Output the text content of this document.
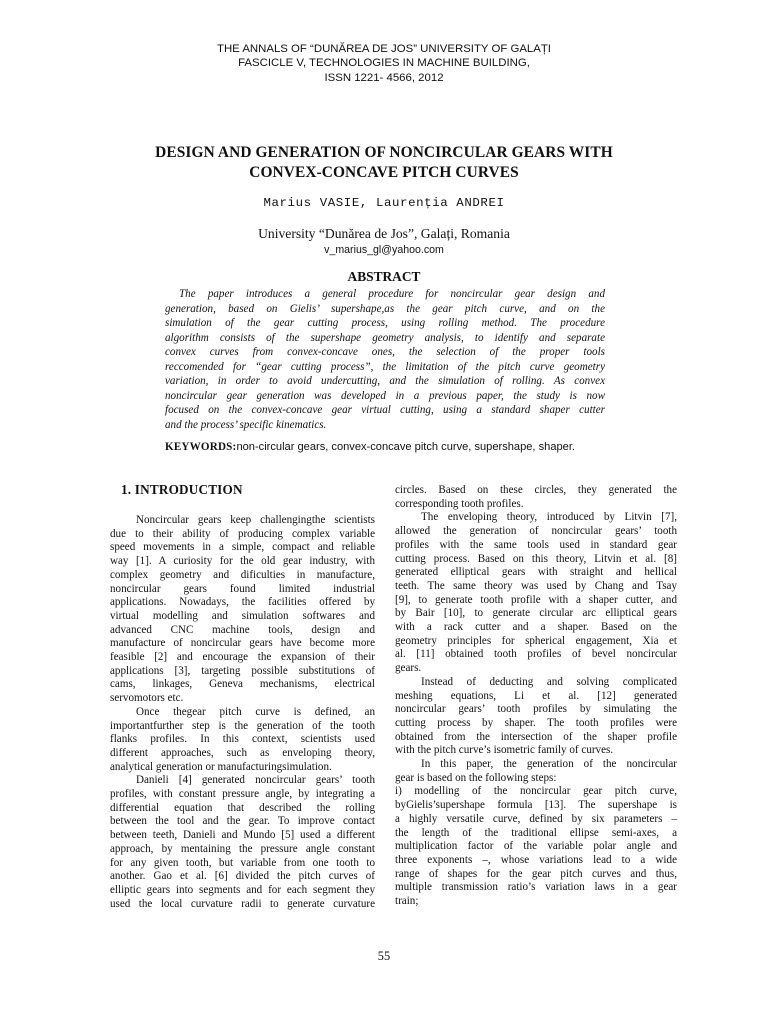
THE ANNALS OF “DUNĂREA DE JOS” UNIVERSITY OF GALAȚI
FASCICLE V, TECHNOLOGIES IN MACHINE BUILDING,
ISSN 1221- 4566, 2012
DESIGN AND GENERATION OF NONCIRCULAR GEARS WITH
CONVEX-CONCAVE PITCH CURVES
Marius VASIE, Laurenția ANDREI
University “Dunărea de Jos”, Galați, Romania
v_marius_gl@yahoo.com
ABSTRACT
The paper introduces a general procedure for noncircular gear design and
generation, based on Gielis’ supershape,as the gear pitch curve, and on the
simulation of the gear cutting process, using rolling method. The procedure
algorithm consists of the supershape geometry analysis, to identify and separate
convex curves from convex-concave ones, the selection of the proper tools
reccomended for “gear cutting process”, the limitation of the pitch curve geometry
variation, in order to avoid undercutting, and the simulation of rolling. As convex
noncircular gear generation was developed in a previous paper, the study is now
focused on the convex-concave gear virtual cutting, using a standard shaper cutter
and the process’ specific kinematics.
KEYWORDS:non-circular gears, convex-concave pitch curve, supershape, shaper.
1. INTRODUCTION
Noncircular gears keep challengingthe scientists
due to their ability of producing complex variable
speed movements in a simple, compact and reliable
way [1]. A curiosity for the old gear industry, with
complex geometry and dificulties in manufacture,
noncircular gears found limited industrial
applications. Nowadays, the facilities offered by
virtual modelling and simulation softwares and
advanced CNC machine tools, design and
manufacture of noncircular gears have become more
feasible [2] and encourage the expansion of their
applications [3], targeting possible substitutions of
cams, linkages, Geneva mechanisms, electrical
servomotors etc.
Once thegear pitch curve is defined, an
importantfurther step is the generation of the tooth
flanks profiles. In this context, scientists used
different approaches, such as enveloping theory,
analytical generation or manufacturingsimulation.
Danieli [4] generated noncircular gears’ tooth
profiles, with constant pressure angle, by integrating a
differential equation that described the rolling
between the tool and the gear. To improve contact
between teeth, Danieli and Mundo [5] used a different
approach, by mentaining the pressure angle constant
for any given tooth, but variable from one tooth to
another. Gao et al. [6] divided the pitch curves of
elliptic gears into segments and for each segment they
used the local curvature radii to generate curvature
circles. Based on these circles, they generated the
corresponding tooth profiles.
The enveloping theory, introduced by Litvin [7],
allowed the generation of noncircular gears’ tooth
profiles with the same tools used in standard gear
cutting process. Based on this theory, Litvin et al. [8]
generated elliptical gears with straight and hellical
teeth. The same theory was used by Chang and Tsay
[9], to generate tooth profile with a shaper cutter, and
by Bair [10], to generate circular arc elliptical gears
with a rack cutter and a shaper. Based on the
geometry principles for spherical engagement, Xia et
al. [11] obtained tooth profiles of bevel noncircular
gears.
Instead of deducting and solving complicated
meshing equations, Li et al. [12] generated
noncircular gears’ tooth profiles by simulating the
cutting process by shaper. The tooth profiles were
obtained from the intersection of the shaper profile
with the pitch curve’s isometric family of curves.
In this paper, the generation of the noncircular
gear is based on the following steps:
i) modelling of the noncircular gear pitch curve,
byGielis’supershape formula [13]. The supershape is
a highly versatile curve, defined by six parameters –
the length of the traditional ellipse semi-axes, a
multiplication factor of the variable polar angle and
three exponents –, whose variations lead to a wide
range of shapes for the gear pitch curves and thus,
multiple transmission ratio’s variation laws in a gear
train;
55
